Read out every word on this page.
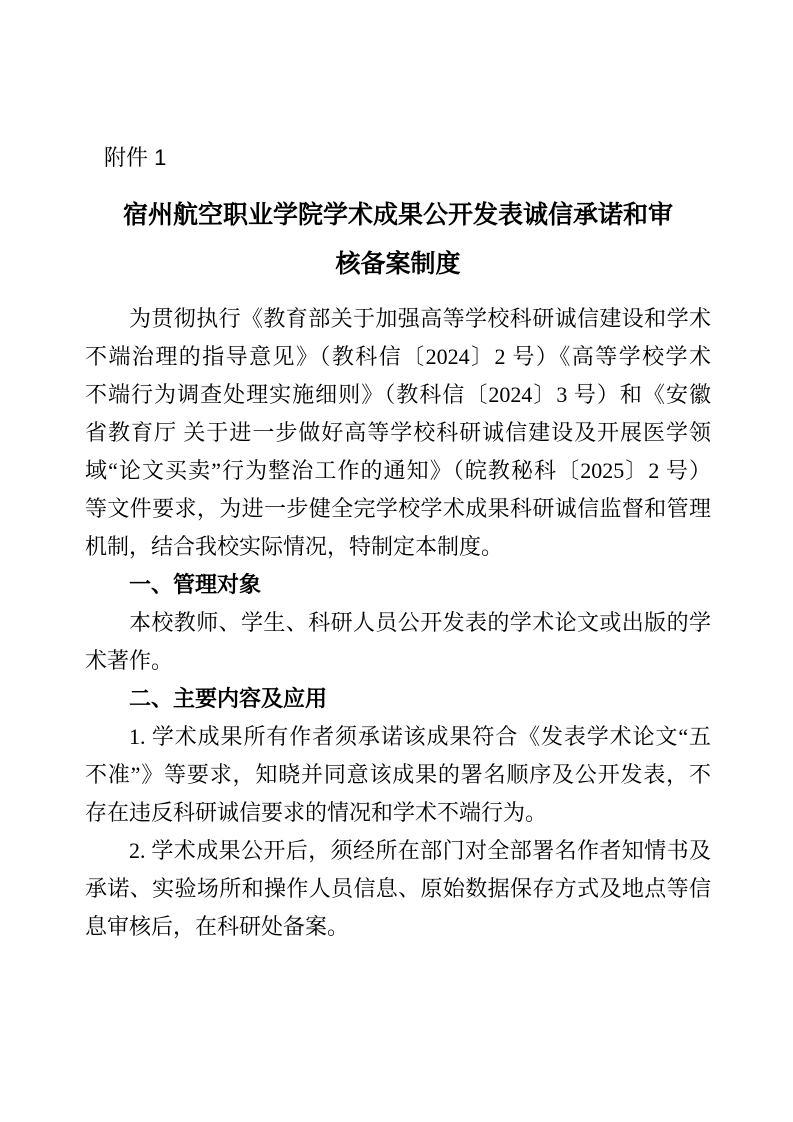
附件 1
宿州航空职业学院学术成果公开发表诚信承诺和审
核备案制度
为贯彻执行《教育部关于加强高等学校科研诚信建设和学术
不端治理的指导意见》（教科信〔2024〕2 号）《高等学校学术
不端行为调查处理实施细则》（教科信〔2024〕3 号）和《安徽
省教育厅 关于进一步做好高等学校科研诚信建设及开展医学领
域“论文买卖”行为整治工作的通知》（皖教秘科〔2025〕2 号）
等文件要求，为进一步健全完学校学术成果科研诚信监督和管理
机制，结合我校实际情况，特制定本制度。
一、管理对象
本校教师、学生、科研人员公开发表的学术论文或出版的学
术著作。
二、主要内容及应用
1. 学术成果所有作者须承诺该成果符合《发表学术论文“五
不准”》等要求，知晓并同意该成果的署名顺序及公开发表，不
存在违反科研诚信要求的情况和学术不端行为。
2. 学术成果公开后，须经所在部门对全部署名作者知情书及
承诺、实验场所和操作人员信息、原始数据保存方式及地点等信
息审核后，在科研处备案。
